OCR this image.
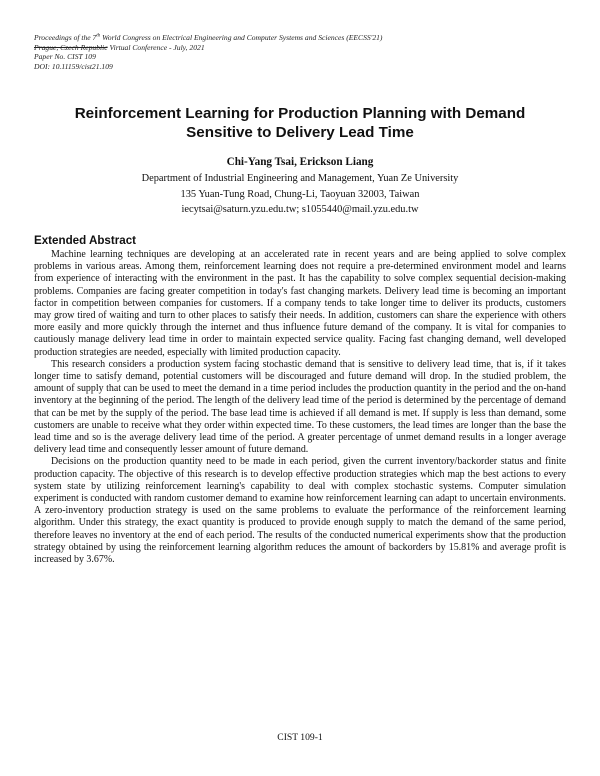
Proceedings of the 7th World Congress on Electrical Engineering and Computer Systems and Sciences (EECSS'21)
Prague, Czech Republic Virtual Conference - July, 2021
Paper No. CIST 109
DOI: 10.11159/cist21.109
Reinforcement Learning for Production Planning with Demand Sensitive to Delivery Lead Time
Chi-Yang Tsai, Erickson Liang
Department of Industrial Engineering and Management, Yuan Ze University
135 Yuan-Tung Road, Chung-Li, Taoyuan 32003, Taiwan
iecytsai@saturn.yzu.edu.tw; s1055440@mail.yzu.edu.tw
Extended Abstract

Machine learning techniques are developing at an accelerated rate in recent years and are being applied to solve complex problems in various areas. Among them, reinforcement learning does not require a pre-determined environment model and learns from experience of interacting with the environment in the past. It has the capability to solve complex sequential decision-making problems. Companies are facing greater competition in today's fast changing markets. Delivery lead time is becoming an important factor in competition between companies for customers. If a company tends to take longer time to deliver its products, customers may grow tired of waiting and turn to other places to satisfy their needs. In addition, customers can share the experience with others more easily and more quickly through the internet and thus influence future demand of the company. It is vital for companies to cautiously manage delivery lead time in order to maintain expected service quality. Facing fast changing demand, well developed production strategies are needed, especially with limited production capacity.

This research considers a production system facing stochastic demand that is sensitive to delivery lead time, that is, if it takes longer time to satisfy demand, potential customers will be discouraged and future demand will drop. In the studied problem, the amount of supply that can be used to meet the demand in a time period includes the production quantity in the period and the on-hand inventory at the beginning of the period. The length of the delivery lead time of the period is determined by the percentage of demand that can be met by the supply of the period. The base lead time is achieved if all demand is met. If supply is less than demand, some customers are unable to receive what they order within expected time. To these customers, the lead times are longer than the base the lead time and so is the average delivery lead time of the period. A greater percentage of unmet demand results in a longer average delivery lead time and consequently lesser amount of future demand.

Decisions on the production quantity need to be made in each period, given the current inventory/backorder status and finite production capacity. The objective of this research is to develop effective production strategies which map the best actions to every system state by utilizing reinforcement learning's capability to deal with complex stochastic systems. Computer simulation experiment is conducted with random customer demand to examine how reinforcement learning can adapt to uncertain environments. A zero-inventory production strategy is used on the same problems to evaluate the performance of the reinforcement learning algorithm. Under this strategy, the exact quantity is produced to provide enough supply to match the demand of the same period, therefore leaves no inventory at the end of each period. The results of the conducted numerical experiments show that the production strategy obtained by using the reinforcement learning algorithm reduces the amount of backorders by 15.81% and average profit is increased by 3.67%.

CIST 109-1
